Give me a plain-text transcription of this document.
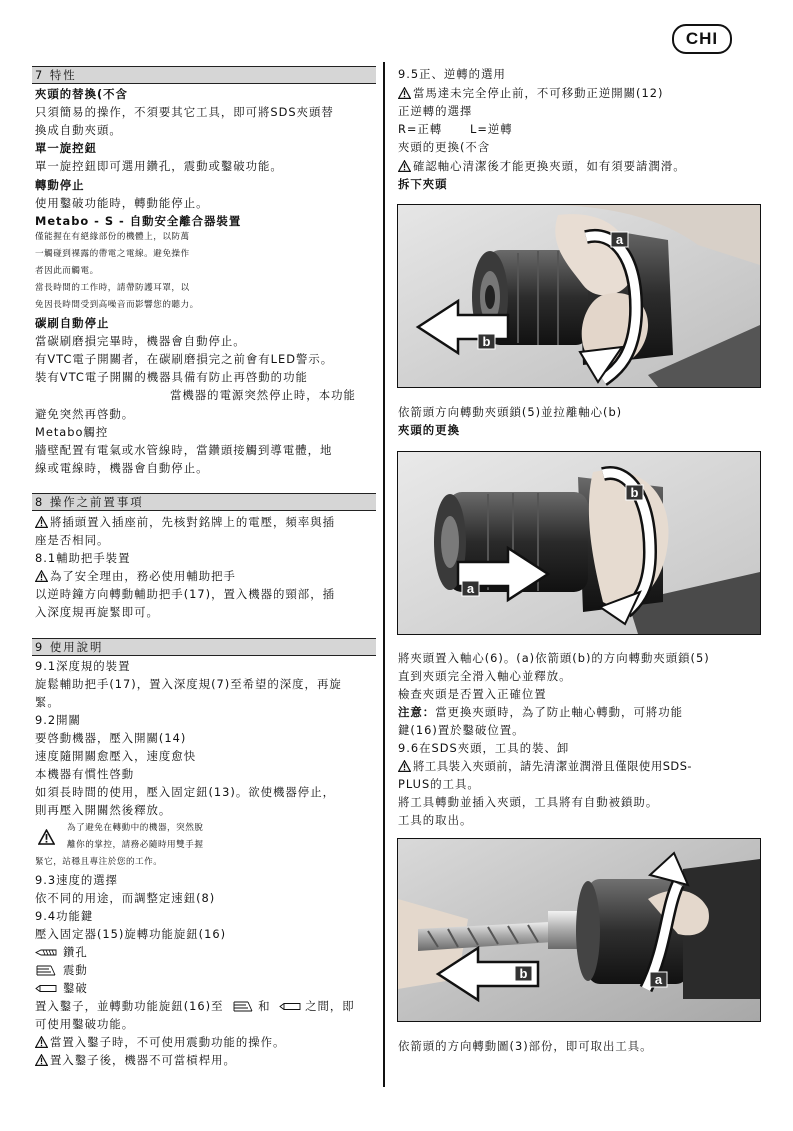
CHI
7 特性
夾頭的替換(不含
只須簡易的操作，不須要其它工具，即可將SDS夾頭替
換成自動夾頭。
單一旋控鈕
單一旋控鈕即可選用鑽孔，震動或鑿破功能。
轉動停止
使用鑿破功能時，轉動能停止。
Metabo - S - 自動安全離合器裝置
僅能握在有絕緣部份的機體上，以防萬
一觸碰到裸露的帶電之電線。避免操作
者因此而觸電。
當長時間的工作時，請帶防護耳罩，以
免因長時間受到高噪音而影響您的聽力。
碳刷自動停止
當碳刷磨損完畢時，機器會自動停止。
有VTC電子開關者，在碳刷磨損完之前會有LED警示。
裝有VTC電子開關的機器具備有防止再啓動的功能
當機器的電源突然停止時，本功能
避免突然再啓動。
Metabo觸控
牆壁配置有電氣或水管線時，當鑽頭接觸到導電體，地
線或電線時，機器會自動停止。
8 操作之前置事項
將插頭置入插座前，先核對銘牌上的電壓，頻率與插
座是否相同。
8.1輔助把手裝置
為了安全理由，務必使用輔助把手
以逆時鐘方向轉動輔助把手(17)，置入機器的頸部，插
入深度規再旋緊即可。
9 使用說明
9.1深度規的裝置
旋鬆輔助把手(17)，置入深度規(7)至希望的深度，再旋
緊。
9.2開關
要啓動機器，壓入開關(14)
速度隨開關愈壓入，速度愈快
本機器有慣性啓動
如須長時間的使用，壓入固定鈕(13)。欲使機器停止，
則再壓入開關然後釋放。
為了避免在轉動中的機器，突然脫
離你的掌控，請務必隨時用雙手握
緊它，站穩且專注於您的工作。
9.3速度的選擇
依不同的用途，而調整定速鈕(8)
9.4功能鍵
壓入固定器(15)旋轉功能旋鈕(16)
鑽孔
震動
鑿破
置入鑿子，並轉動功能旋鈕(16)至	和	之間，即
可使用鑿破功能。
當置入鑿子時，不可使用震動功能的操作。
置入鑿子後，機器不可當槓桿用。
9.5正、逆轉的選用
當馬達未完全停止前，不可移動正逆開關(12)
正逆轉的選擇
R=正轉 L=逆轉
夾頭的更換(不含
確認軸心清潔後才能更換夾頭，如有須要請潤滑。
拆下夾頭
a
b
依箭頭方向轉動夾頭鎖(5)並拉離軸心(b)
夾頭的更換
b
a
將夾頭置入軸心(6)。(a)依箭頭(b)的方向轉動夾頭鎖(5)
直到夾頭完全滑入軸心並釋放。
檢查夾頭是否置入正確位置
注意：當更換夾頭時，為了防止軸心轉動，可將功能
鍵(16)置於鑿破位置。
9.6在SDS夾頭，工具的裝、卸
將工具裝入夾頭前，請先清潔並潤滑且僅限使用SDS-
PLUS的工具。
將工具轉動並插入夾頭，工具將有自動被鎖助。
工具的取出。
b	a
依箭頭的方向轉動圖(3)部份，即可取出工具。
